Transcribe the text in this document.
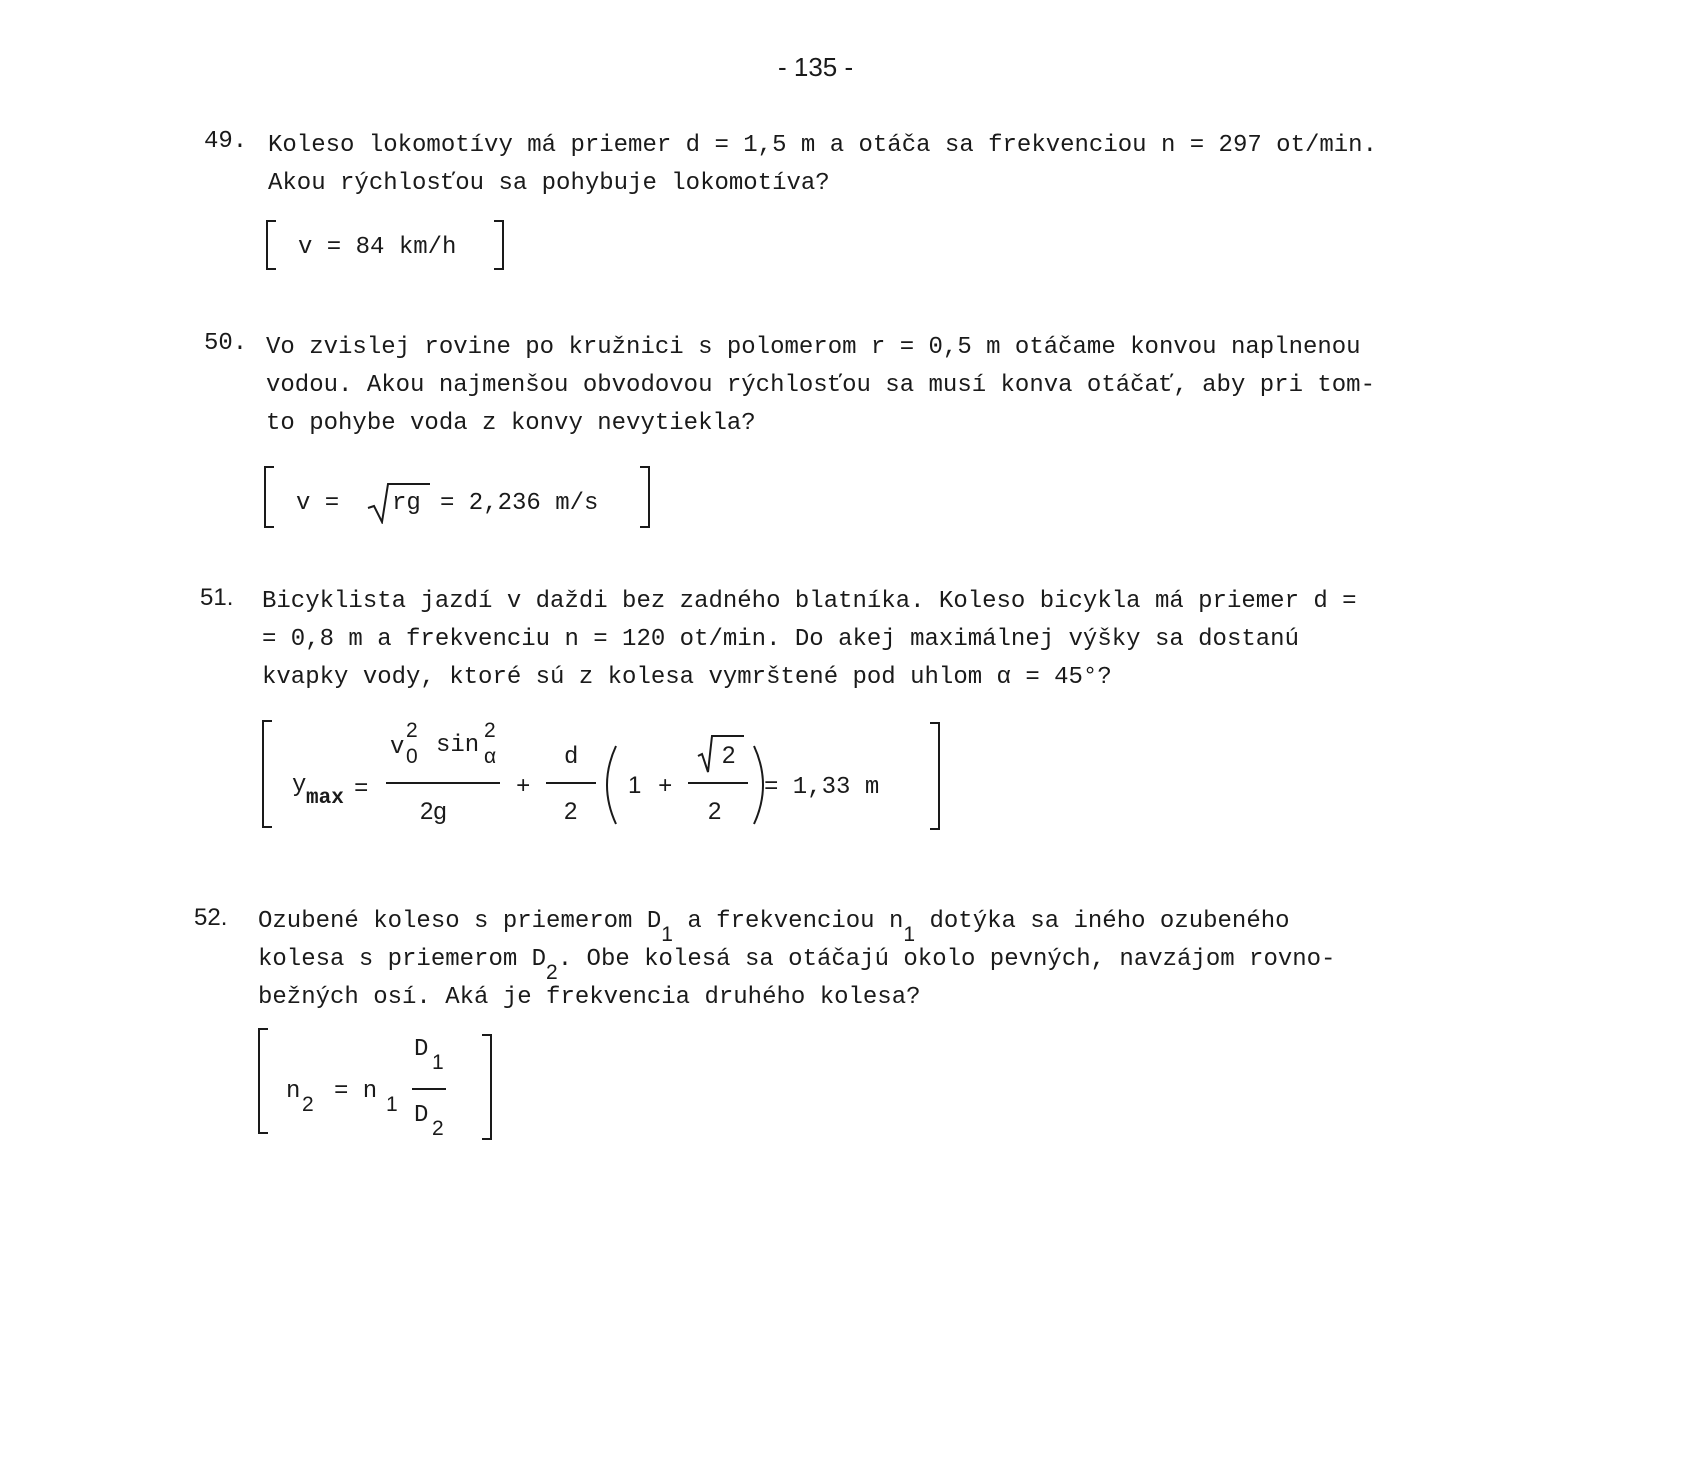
- 135 -
49. Koleso lokomotívy má priemer d = 1,5 m a otáča sa frekvenciou n = 297 ot/min.
Akou rýchlosťou sa pohybuje lokomotíva?
v = 84 km/h
50. Vo zvislej rovine po kružnici s polomerom r = 0,5 m otáčame konvou naplnenou
vodou. Akou najmenšou obvodovou rýchlosťou sa musí konva otáčať, aby pri tom-
to pohybe voda z konvy nevytiekla?
v = rg = 2,236 m/s
51. Bicyklista jazdí v daždi bez zadného blatníka. Koleso bicykla má priemer d =
= 0,8 m a frekvenciu n = 120 ot/min. Do akej maximálnej výšky sa dostanú
kvapky vody, ktoré sú z kolesa vymrštené pod uhlom α = 45°?
y max =
v
2
0 sin
2
α
2g
+
d
2
1 +
2
2
= 1,33 m
52. Ozubené koleso s priemerom D1 a frekvenciou n1 dotýka sa iného ozubeného
kolesa s priemerom D2. Obe kolesá sa otáčajú okolo pevných, navzájom rovno-
bežných osí. Aká je frekvencia druhého kolesa?
n 2 = n 1
D 1
D 2
